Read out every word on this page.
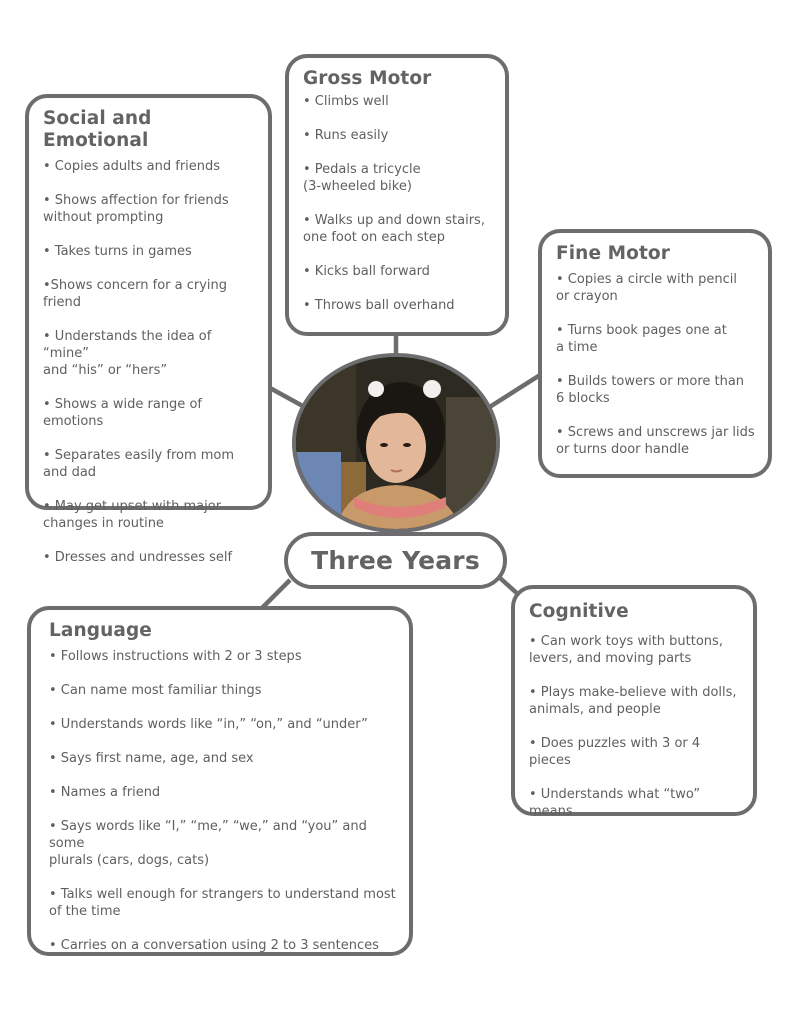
Social and Emotional
• Copies adults and friends
• Shows affection for friends
without prompting
• Takes turns in games
•Shows concern for a crying friend
• Understands the idea of “mine”
and “his” or “hers”
• Shows a wide range of emotions
• Separates easily from mom
and dad
• May get upset with major
changes in routine
• Dresses and undresses self
Gross Motor
• Climbs well
• Runs easily
• Pedals a tricycle
(3-wheeled bike)
• Walks up and down stairs,
one foot on each step
• Kicks ball forward
• Throws ball overhand
Fine Motor
• Copies a circle with pencil
or crayon
• Turns book pages one at
a time
• Builds towers or more than
6 blocks
• Screws and unscrews jar lids
or turns door handle
Three Years
Language
• Follows instructions with 2 or 3 steps
• Can name most familiar things
• Understands words like “in,” “on,” and “under”
• Says first name, age, and sex
• Names a friend
• Says words like “I,” “me,” “we,” and “you” and some
plurals (cars, dogs, cats)
• Talks well enough for strangers to understand most
of the time
• Carries on a conversation using 2 to 3 sentences
Cognitive
• Can work toys with buttons,
levers, and moving parts
• Plays make-believe with dolls,
animals, and people
• Does puzzles with 3 or 4 pieces
• Understands what “two” means
